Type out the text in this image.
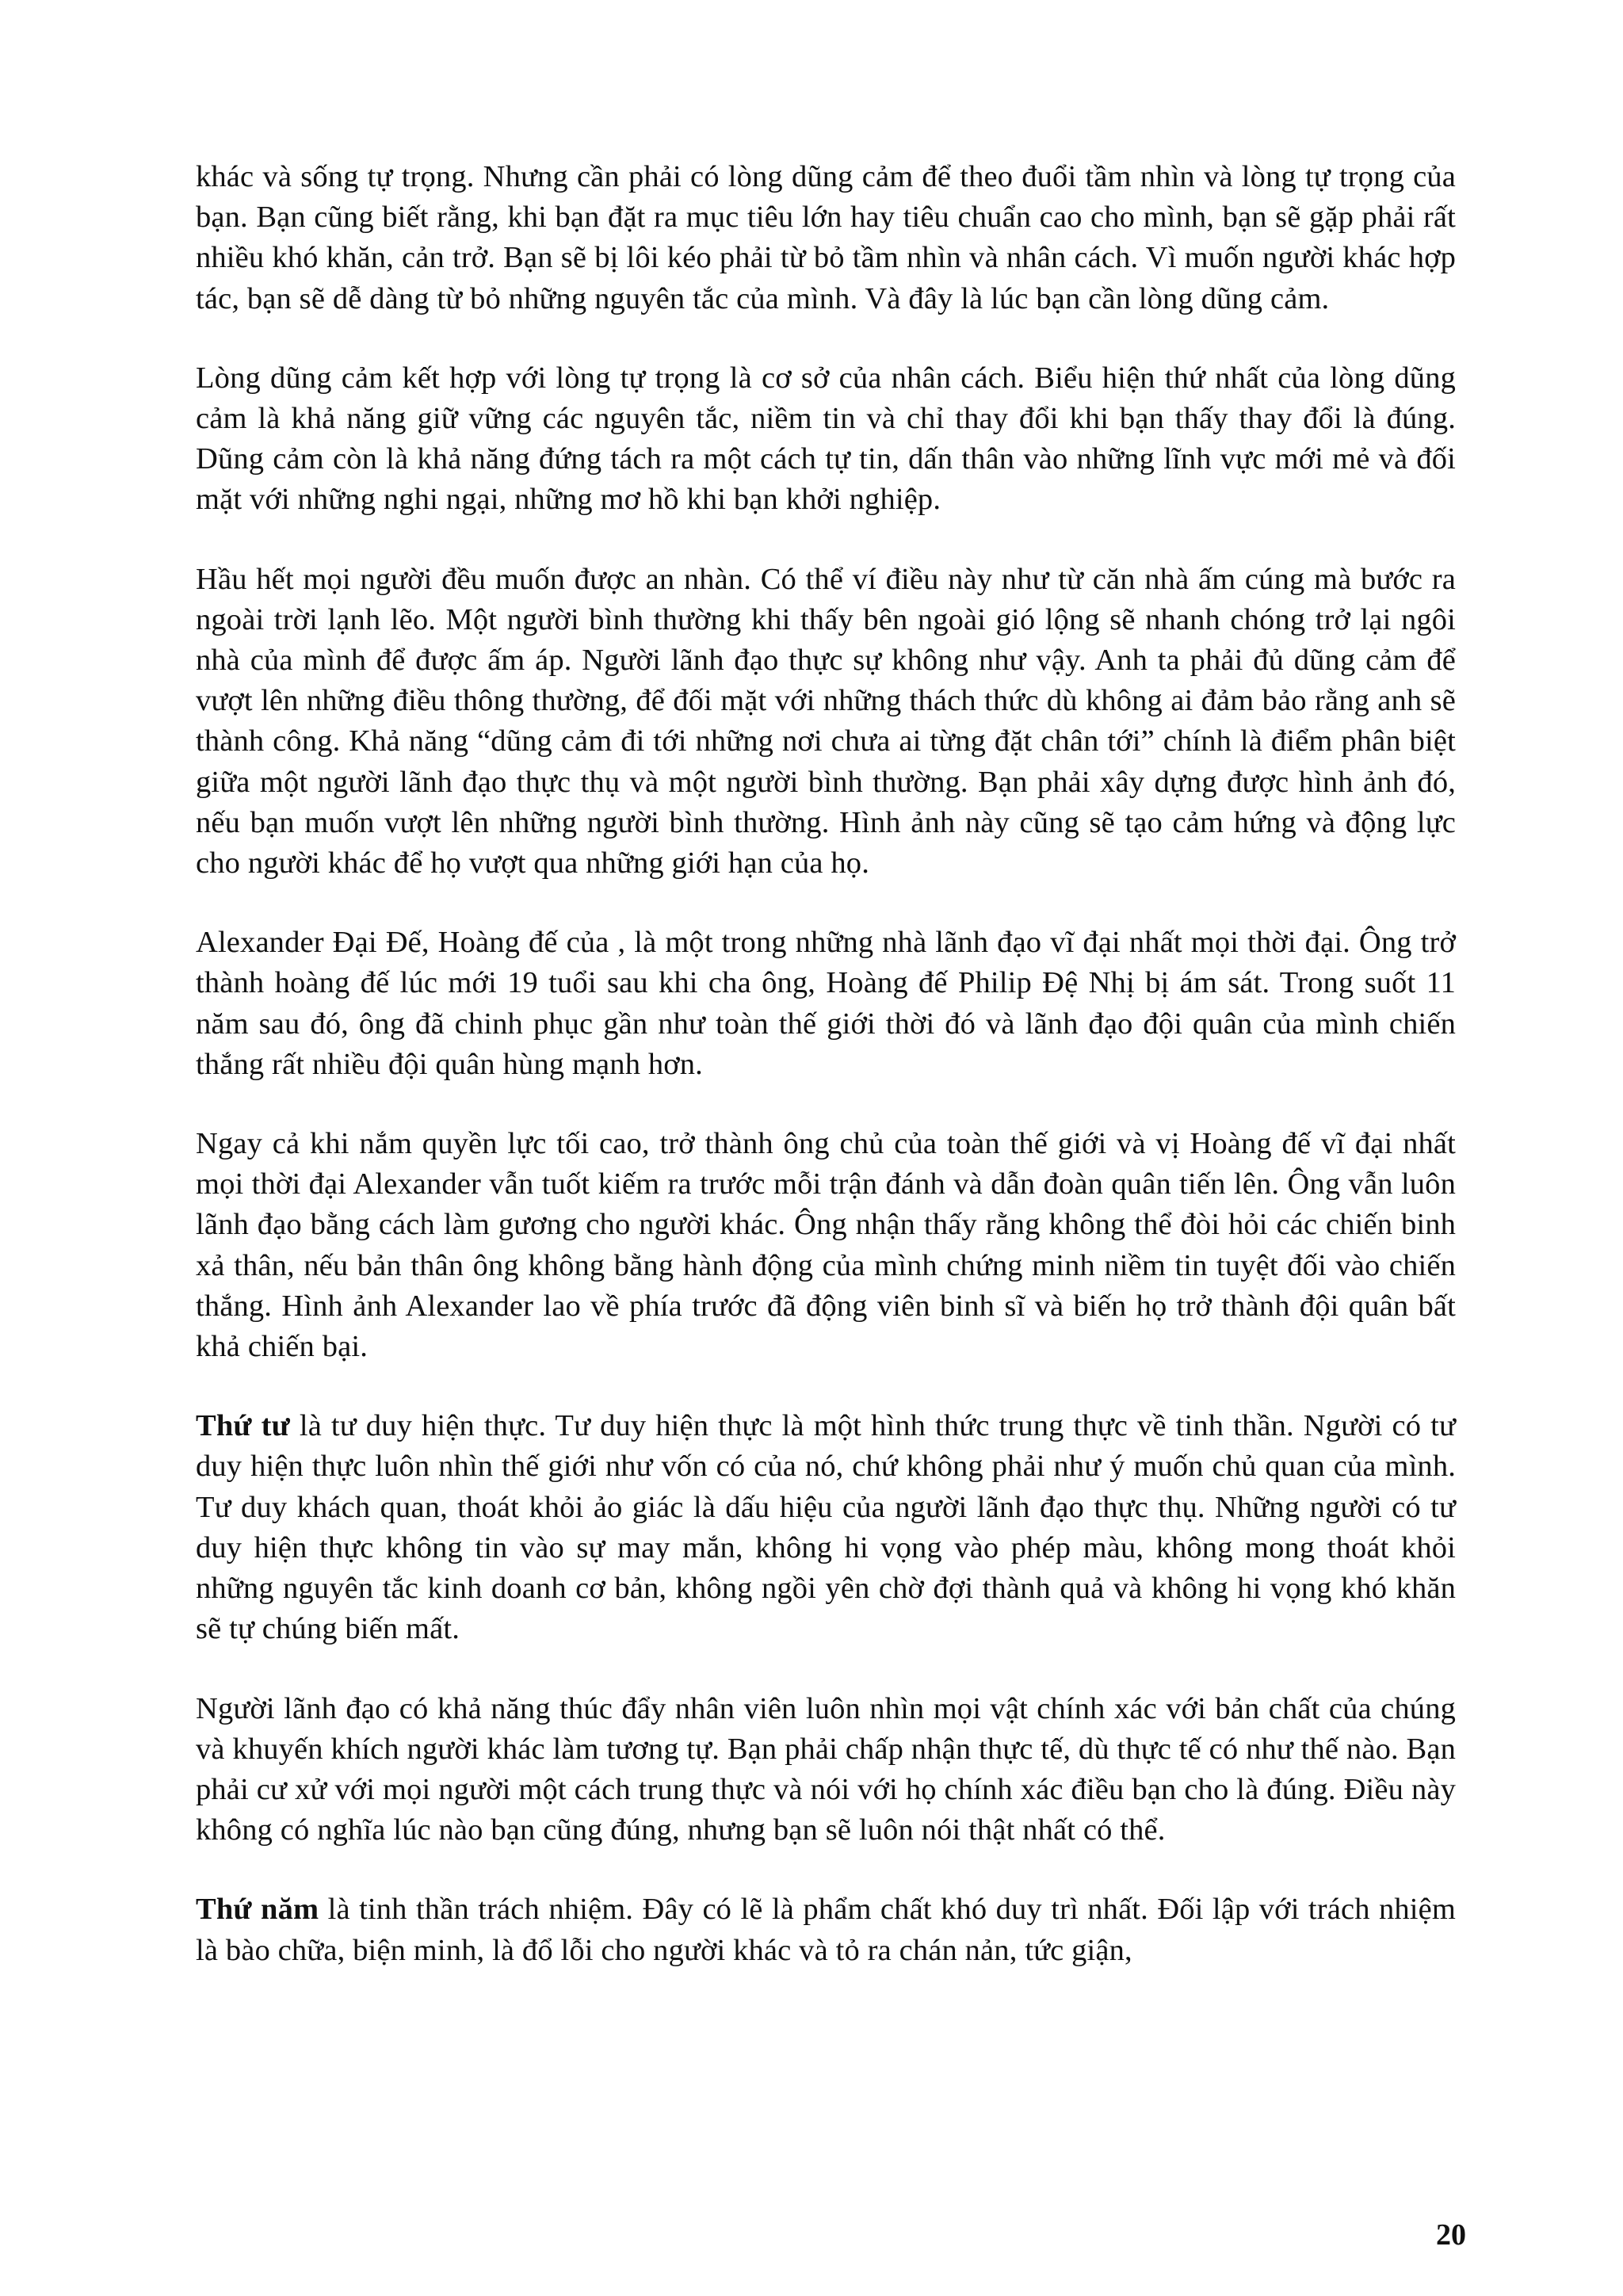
khác và sống tự trọng. Nhưng cần phải có lòng dũng cảm để theo đuổi tầm nhìn và lòng tự trọng của bạn. Bạn cũng biết rằng, khi bạn đặt ra mục tiêu lớn hay tiêu chuẩn cao cho mình, bạn sẽ gặp phải rất nhiều khó khăn, cản trở. Bạn sẽ bị lôi kéo phải từ bỏ tầm nhìn và nhân cách. Vì muốn người khác hợp tác, bạn sẽ dễ dàng từ bỏ những nguyên tắc của mình. Và đây là lúc bạn cần lòng dũng cảm.

Lòng dũng cảm kết hợp với lòng tự trọng là cơ sở của nhân cách. Biểu hiện thứ nhất của lòng dũng cảm là khả năng giữ vững các nguyên tắc, niềm tin và chỉ thay đổi khi bạn thấy thay đổi là đúng. Dũng cảm còn là khả năng đứng tách ra một cách tự tin, dấn thân vào những lĩnh vực mới mẻ và đối mặt với những nghi ngại, những mơ hồ khi bạn khởi nghiệp.

Hầu hết mọi người đều muốn được an nhàn. Có thể ví điều này như từ căn nhà ấm cúng mà bước ra ngoài trời lạnh lẽo. Một người bình thường khi thấy bên ngoài gió lộng sẽ nhanh chóng trở lại ngôi nhà của mình để được ấm áp. Người lãnh đạo thực sự không như vậy. Anh ta phải đủ dũng cảm để vượt lên những điều thông thường, để đối mặt với những thách thức dù không ai đảm bảo rằng anh sẽ thành công. Khả năng “dũng cảm đi tới những nơi chưa ai từng đặt chân tới” chính là điểm phân biệt giữa một người lãnh đạo thực thụ và một người bình thường. Bạn phải xây dựng được hình ảnh đó, nếu bạn muốn vượt lên những người bình thường. Hình ảnh này cũng sẽ tạo cảm hứng và động lực cho người khác để họ vượt qua những giới hạn của họ.

Alexander Đại Đế, Hoàng đế của , là một trong những nhà lãnh đạo vĩ đại nhất mọi thời đại. Ông trở thành hoàng đế lúc mới 19 tuổi sau khi cha ông, Hoàng đế Philip Đệ Nhị bị ám sát. Trong suốt 11 năm sau đó, ông đã chinh phục gần như toàn thế giới thời đó và lãnh đạo đội quân của mình chiến thắng rất nhiều đội quân hùng mạnh hơn.

Ngay cả khi nắm quyền lực tối cao, trở thành ông chủ của toàn thế giới và vị Hoàng đế vĩ đại nhất mọi thời đại Alexander vẫn tuốt kiếm ra trước mỗi trận đánh và dẫn đoàn quân tiến lên. Ông vẫn luôn lãnh đạo bằng cách làm gương cho người khác. Ông nhận thấy rằng không thể đòi hỏi các chiến binh xả thân, nếu bản thân ông không bằng hành động của mình chứng minh niềm tin tuyệt đối vào chiến thắng. Hình ảnh Alexander lao về phía trước đã động viên binh sĩ và biến họ trở thành đội quân bất khả chiến bại.

Thứ tư là tư duy hiện thực. Tư duy hiện thực là một hình thức trung thực về tinh thần. Người có tư duy hiện thực luôn nhìn thế giới như vốn có của nó, chứ không phải như ý muốn chủ quan của mình. Tư duy khách quan, thoát khỏi ảo giác là dấu hiệu của người lãnh đạo thực thụ. Những người có tư duy hiện thực không tin vào sự may mắn, không hi vọng vào phép màu, không mong thoát khỏi những nguyên tắc kinh doanh cơ bản, không ngồi yên chờ đợi thành quả và không hi vọng khó khăn sẽ tự chúng biến mất.

Người lãnh đạo có khả năng thúc đẩy nhân viên luôn nhìn mọi vật chính xác với bản chất của chúng và khuyến khích người khác làm tương tự. Bạn phải chấp nhận thực tế, dù thực tế có như thế nào. Bạn phải cư xử với mọi người một cách trung thực và nói với họ chính xác điều bạn cho là đúng. Điều này không có nghĩa lúc nào bạn cũng đúng, nhưng bạn sẽ luôn nói thật nhất có thể.

Thứ năm là tinh thần trách nhiệm. Đây có lẽ là phẩm chất khó duy trì nhất. Đối lập với trách nhiệm là bào chữa, biện minh, là đổ lỗi cho người khác và tỏ ra chán nản, tức giận,

20
